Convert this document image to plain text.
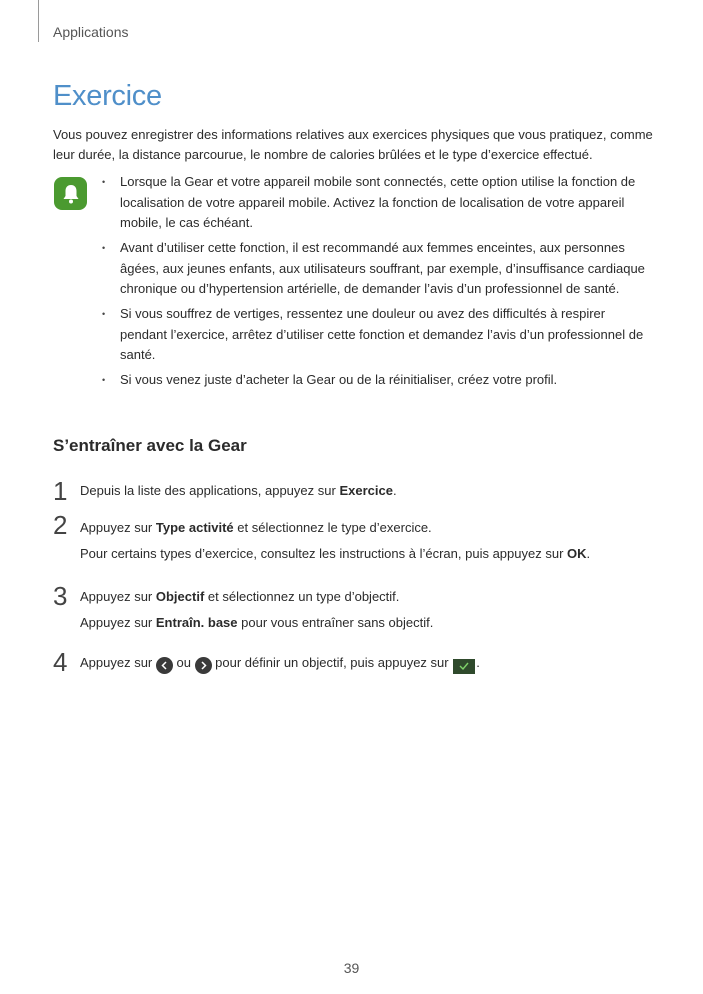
Applications
Exercice

Vous pouvez enregistrer des informations relatives aux exercices physiques que vous pratiquez, comme leur durée, la distance parcourue, le nombre de calories brûlées et le type d’exercice effectué.

• Lorsque la Gear et votre appareil mobile sont connectés, cette option utilise la fonction de localisation de votre appareil mobile. Activez la fonction de localisation de votre appareil mobile, le cas échéant.
• Avant d’utiliser cette fonction, il est recommandé aux femmes enceintes, aux personnes âgées, aux jeunes enfants, aux utilisateurs souffrant, par exemple, d’insuffisance cardiaque chronique ou d’hypertension artérielle, de demander l’avis d’un professionnel de santé.
• Si vous souffrez de vertiges, ressentez une douleur ou avez des difficultés à respirer pendant l’exercice, arrêtez d’utiliser cette fonction et demandez l’avis d’un professionnel de santé.
• Si vous venez juste d’acheter la Gear ou de la réinitialiser, créez votre profil.
S’entraîner avec la Gear
1 Depuis la liste des applications, appuyez sur Exercice.
2 Appuyez sur Type activité et sélectionnez le type d’exercice.
Pour certains types d’exercice, consultez les instructions à l’écran, puis appuyez sur OK.
3 Appuyez sur Objectif et sélectionnez un type d’objectif.
Appuyez sur Entraîn. base pour vous entraîner sans objectif.
4 Appuyez sur
ou
pour définir un objectif, puis appuyez sur
.
39
